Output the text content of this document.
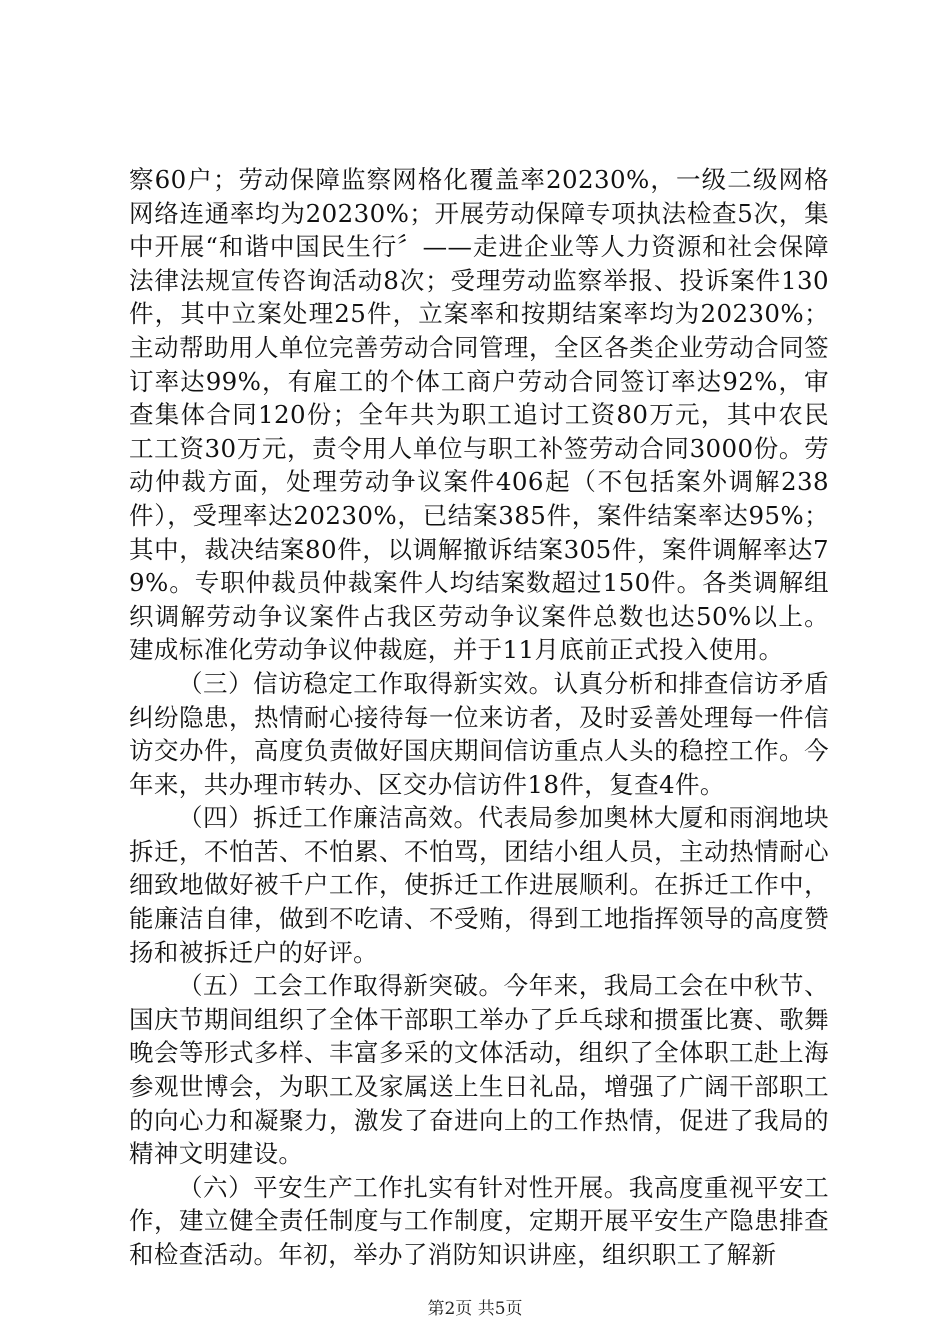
察60户；劳动保障监察网格化覆盖率20230%，一级二级网格网络连通率均为20230%；开展劳动保障专项执法检查5次，集中开展“和谐中国民生行〞——走进企业等人力资源和社会保障法律法规宣传咨询活动8次；受理劳动监察举报、投诉案件130件，其中立案处理25件，立案率和按期结案率均为20230%；主动帮助用人单位完善劳动合同管理，全区各类企业劳动合同签订率达99%，有雇工的个体工商户劳动合同签订率达92%，审查集体合同120份；全年共为职工追讨工资80万元，其中农民工工资30万元，责令用人单位与职工补签劳动合同3000份。劳动仲裁方面，处理劳动争议案件406起（不包括案外调解238件），受理率达20230%，已结案385件，案件结案率达95%；其中，裁决结案80件，以调解撤诉结案305件，案件调解率达79%。专职仲裁员仲裁案件人均结案数超过150件。各类调解组织调解劳动争议案件占我区劳动争议案件总数也达50%以上。建成标准化劳动争议仲裁庭，并于11月底前正式投入使用。

（三）信访稳定工作取得新实效。认真分析和排查信访矛盾纠纷隐患，热情耐心接待每一位来访者，及时妥善处理每一件信访交办件，高度负责做好国庆期间信访重点人头的稳控工作。今年来，共办理市转办、区交办信访件18件，复查4件。

（四）拆迁工作廉洁高效。代表局参加奥林大厦和雨润地块拆迁，不怕苦、不怕累、不怕骂，团结小组人员，主动热情耐心细致地做好被千户工作，使拆迁工作进展顺利。在拆迁工作中，能廉洁自律，做到不吃请、不受贿，得到工地指挥领导的高度赞扬和被拆迁户的好评。

（五）工会工作取得新突破。今年来，我局工会在中秋节、国庆节期间组织了全体干部职工举办了乒乓球和掼蛋比赛、歌舞晚会等形式多样、丰富多采的文体活动，组织了全体职工赴上海参观世博会，为职工及家属送上生日礼品，增强了广阔干部职工的向心力和凝聚力，激发了奋进向上的工作热情，促进了我局的精神文明建设。

（六）平安生产工作扎实有针对性开展。我高度重视平安工作，建立健全责任制度与工作制度，定期开展平安生产隐患排查和检查活动。年初，举办了消防知识讲座，组织职工了解新

第2页 共5页
